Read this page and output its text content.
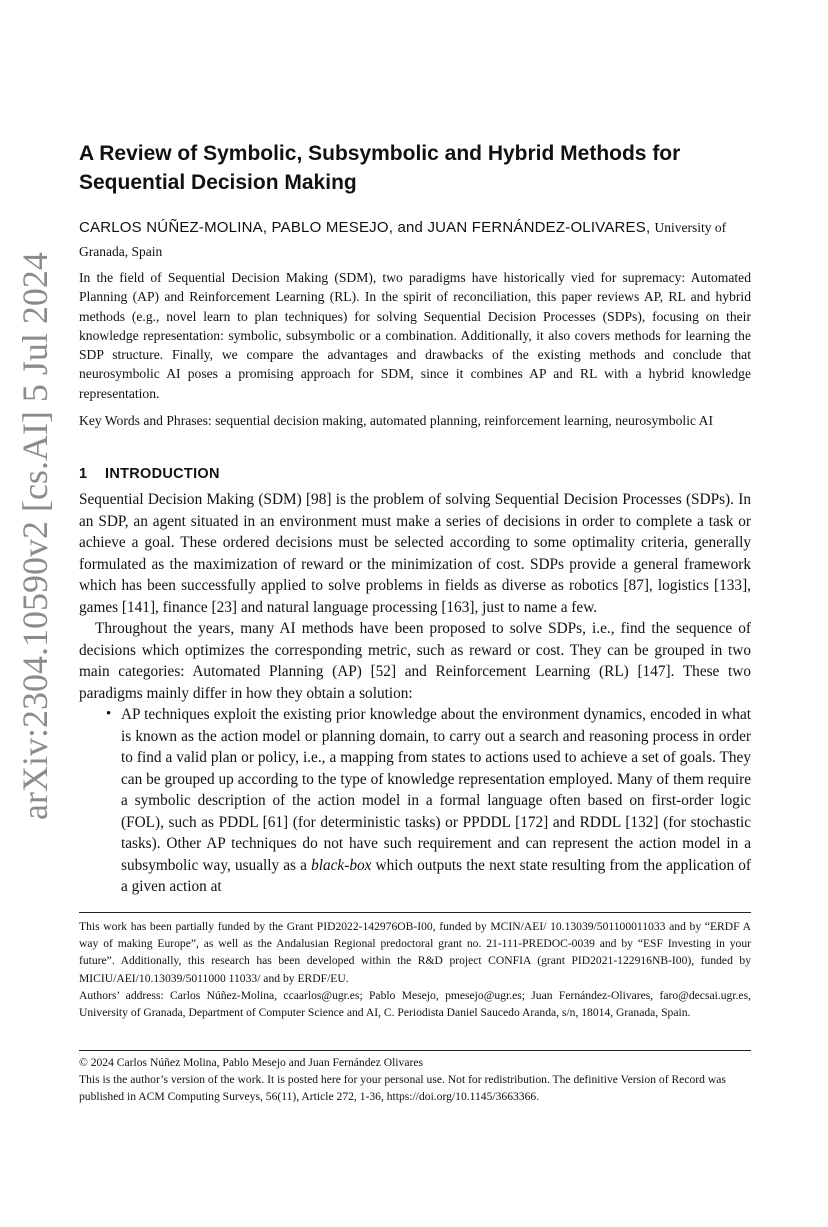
arXiv:2304.10590v2 [cs.AI] 5 Jul 2024
A Review of Symbolic, Subsymbolic and Hybrid Methods for Sequential Decision Making
CARLOS NÚÑEZ-MOLINA, PABLO MESEJO, and JUAN FERNÁNDEZ-OLIVARES, University of Granada, Spain

In the field of Sequential Decision Making (SDM), two paradigms have historically vied for supremacy: Automated Planning (AP) and Reinforcement Learning (RL). In the spirit of reconciliation, this paper reviews AP, RL and hybrid methods (e.g., novel learn to plan techniques) for solving Sequential Decision Processes (SDPs), focusing on their knowledge representation: symbolic, subsymbolic or a combination. Additionally, it also covers methods for learning the SDP structure. Finally, we compare the advantages and drawbacks of the existing methods and conclude that neurosymbolic AI poses a promising approach for SDM, since it combines AP and RL with a hybrid knowledge representation.

Key Words and Phrases: sequential decision making, automated planning, reinforcement learning, neurosymbolic AI

1 INTRODUCTION

Sequential Decision Making (SDM) [98] is the problem of solving Sequential Decision Processes (SDPs). In an SDP, an agent situated in an environment must make a series of decisions in order to complete a task or achieve a goal. These ordered decisions must be selected according to some optimality criteria, generally formulated as the maximization of reward or the minimization of cost. SDPs provide a general framework which has been successfully applied to solve problems in fields as diverse as robotics [87], logistics [133], games [141], finance [23] and natural language processing [163], just to name a few.

Throughout the years, many AI methods have been proposed to solve SDPs, i.e., find the sequence of decisions which optimizes the corresponding metric, such as reward or cost. They can be grouped in two main categories: Automated Planning (AP) [52] and Reinforcement Learning (RL) [147]. These two paradigms mainly differ in how they obtain a solution:

• AP techniques exploit the existing prior knowledge about the environment dynamics, encoded in what is known as the action model or planning domain, to carry out a search and reasoning process in order to find a valid plan or policy, i.e., a mapping from states to actions used to achieve a set of goals. They can be grouped up according to the type of knowledge representation employed. Many of them require a symbolic description of the action model in a formal language often based on first-order logic (FOL), such as PDDL [61] (for deterministic tasks) or PPDDL [172] and RDDL [132] (for stochastic tasks). Other AP techniques do not have such requirement and can represent the action model in a subsymbolic way, usually as a black-box which outputs the next state resulting from the application of a given action at

This work has been partially funded by the Grant PID2022-142976OB-I00, funded by MCIN/AEI/ 10.13039/501100011033 and by “ERDF A way of making Europe”, as well as the Andalusian Regional predoctoral grant no. 21-111-PREDOC-0039 and by “ESF Investing in your future”. Additionally, this research has been developed within the R&D project CONFIA (grant PID2021-122916NB-I00), funded by MICIU/AEI/10.13039/5011000 11033/ and by ERDF/EU.

Authors’ address: Carlos Núñez-Molina, ccaarlos@ugr.es; Pablo Mesejo, pmesejo@ugr.es; Juan Fernández-Olivares, faro@decsai.ugr.es, University of Granada, Department of Computer Science and AI, C. Periodista Daniel Saucedo Aranda, s/n, 18014, Granada, Spain.

© 2024 Carlos Núñez Molina, Pablo Mesejo and Juan Fernández Olivares

This is the author’s version of the work. It is posted here for your personal use. Not for redistribution. The definitive Version of Record was published in ACM Computing Surveys, 56(11), Article 272, 1-36, https://doi.org/10.1145/3663366.
